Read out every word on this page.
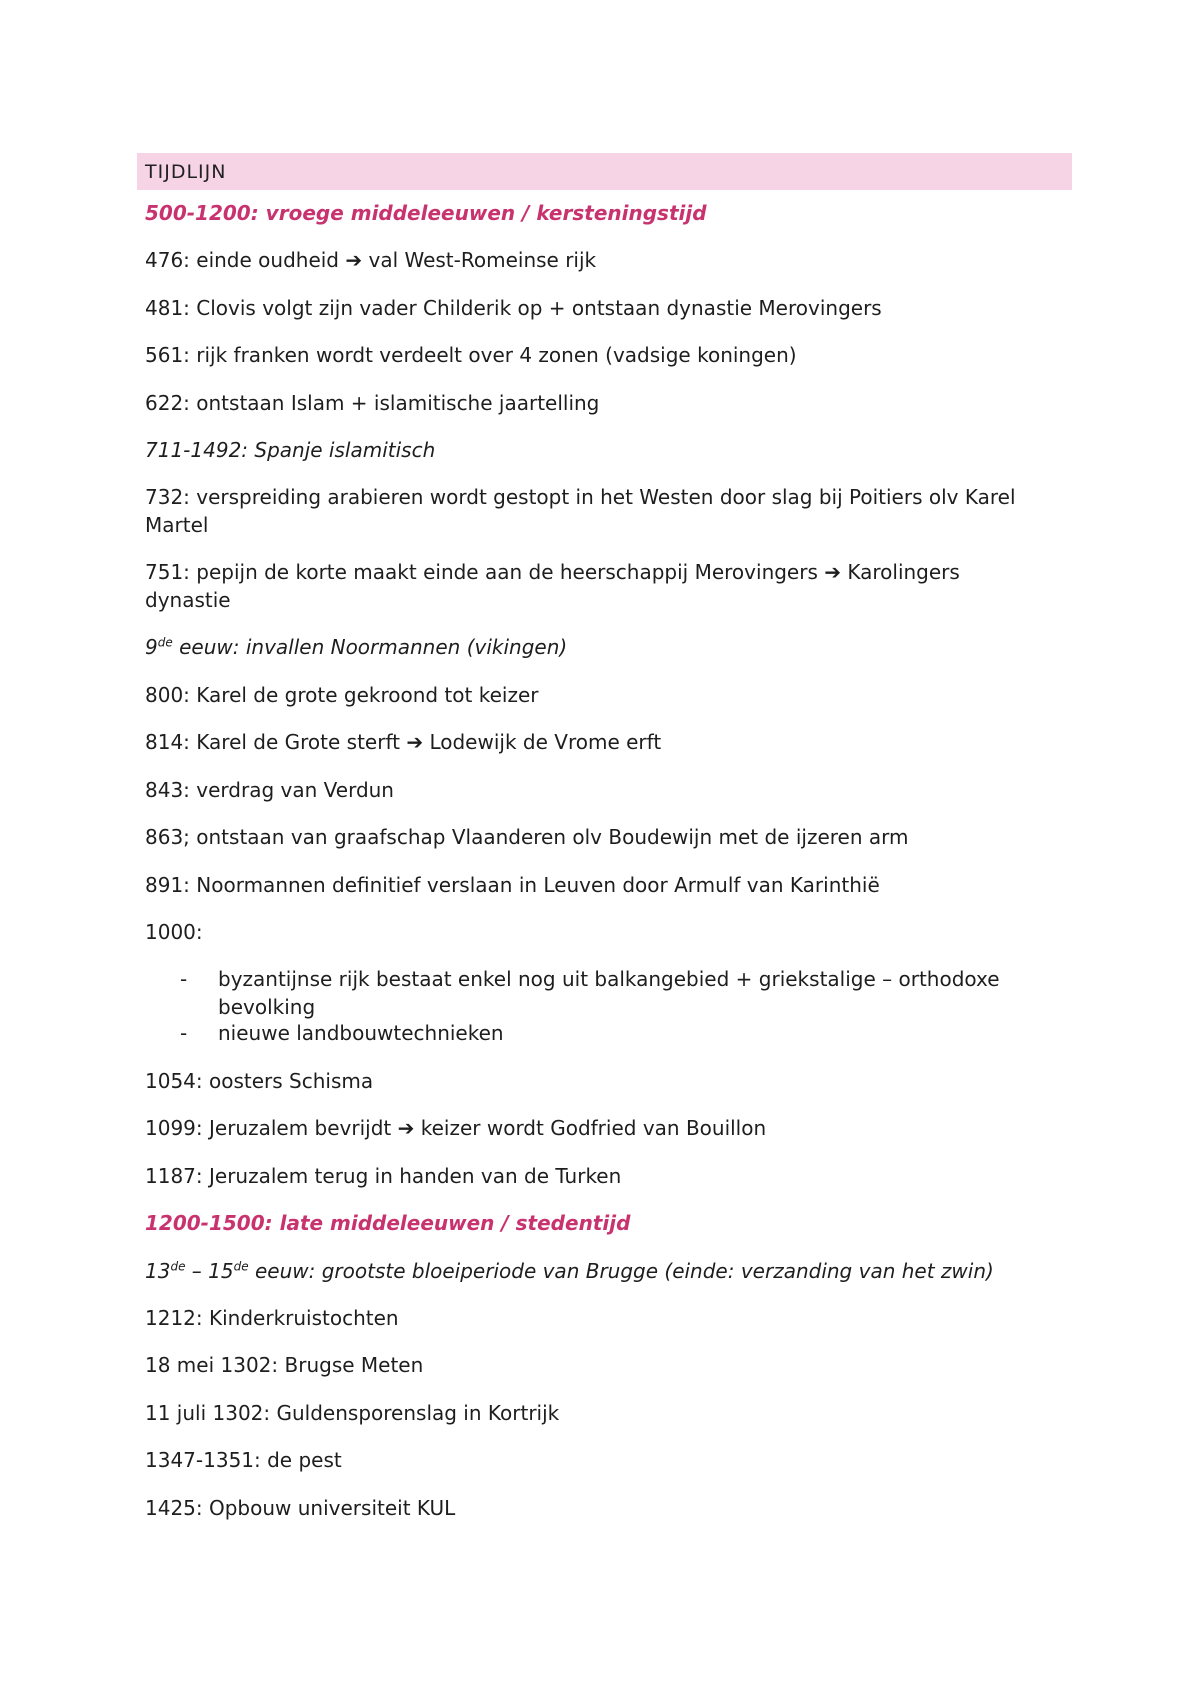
TIJDLIJN
500-1200: vroege middeleeuwen / kersteningstijd
476: einde oudheid ➔ val West-Romeinse rijk
481: Clovis volgt zijn vader Childerik op + ontstaan dynastie Merovingers
561: rijk franken wordt verdeelt over 4 zonen (vadsige koningen)
622: ontstaan Islam + islamitische jaartelling
711-1492: Spanje islamitisch
732: verspreiding arabieren wordt gestopt in het Westen door slag bij Poitiers olv Karel Martel
751: pepijn de korte maakt einde aan de heerschappij Merovingers ➔ Karolingers dynastie
9de eeuw: invallen Noormannen (vikingen)
800: Karel de grote gekroond tot keizer
814: Karel de Grote sterft ➔ Lodewijk de Vrome erft
843: verdrag van Verdun
863; ontstaan van graafschap Vlaanderen olv Boudewijn met de ijzeren arm
891: Noormannen definitief verslaan in Leuven door Armulf van Karinthië
1000:
- byzantijnse rijk bestaat enkel nog uit balkangebied + griekstalige – orthodoxe bevolking
- nieuwe landbouwtechnieken
1054: oosters Schisma
1099: Jeruzalem bevrijdt ➔ keizer wordt Godfried van Bouillon
1187: Jeruzalem terug in handen van de Turken
1200-1500: late middeleeuwen / stedentijd
13de – 15de eeuw: grootste bloeiperiode van Brugge (einde: verzanding van het zwin)
1212: Kinderkruistochten
18 mei 1302: Brugse Meten
11 juli 1302: Guldensporenslag in Kortrijk
1347-1351: de pest
1425: Opbouw universiteit KUL
